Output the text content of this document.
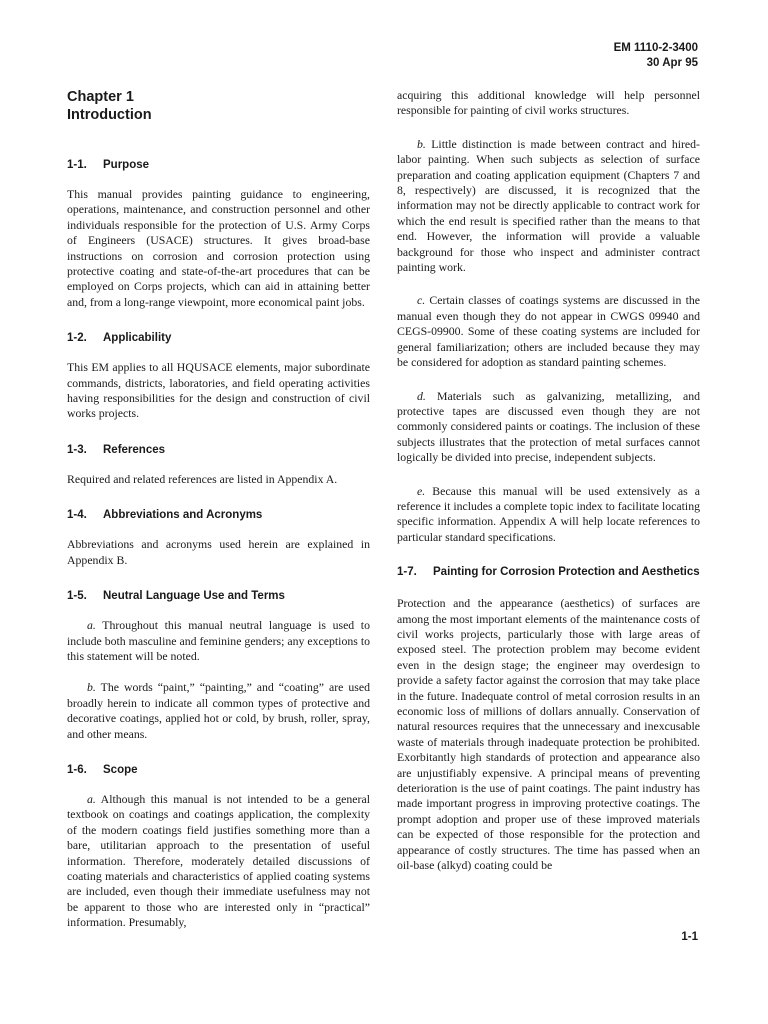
EM 1110-2-3400
30 Apr 95
Chapter 1
Introduction
1-1.	Purpose

This manual provides painting guidance to engineering, operations, maintenance, and construction personnel and other individuals responsible for the protection of U.S. Army Corps of Engineers (USACE) structures. It gives broad-base instructions on corrosion and corrosion protection using protective coating and state-of-the-art procedures that can be employed on Corps projects, which can aid in attaining better and, from a long-range viewpoint, more economical paint jobs.

1-2.	Applicability

This EM applies to all HQUSACE elements, major subordinate commands, districts, laboratories, and field operating activities having responsibilities for the design and construction of civil works projects.

1-3.	References

Required and related references are listed in Appendix A.

1-4.	Abbreviations and Acronyms

Abbreviations and acronyms used herein are explained in Appendix B.

1-5.	Neutral Language Use and Terms

a. Throughout this manual neutral language is used to include both masculine and feminine genders; any exceptions to this statement will be noted.

b. The words “paint,” “painting,” and “coating” are used broadly herein to indicate all common types of protective and decorative coatings, applied hot or cold, by brush, roller, spray, and other means.

1-6.	Scope

a. Although this manual is not intended to be a general textbook on coatings and coatings application, the complexity of the modern coatings field justifies something more than a bare, utilitarian approach to the presentation of useful information. Therefore, moderately detailed discussions of coating materials and characteristics of applied coating systems are included, even though their immediate usefulness may not be apparent to those who are interested only in “practical” information. Presumably,

acquiring this additional knowledge will help personnel responsible for painting of civil works structures.

b. Little distinction is made between contract and hired-labor painting. When such subjects as selection of surface preparation and coating application equipment (Chapters 7 and 8, respectively) are discussed, it is recognized that the information may not be directly applicable to contract work for which the end result is specified rather than the means to that end. However, the information will provide a valuable background for those who inspect and administer contract painting work.

c. Certain classes of coatings systems are discussed in the manual even though they do not appear in CWGS 09940 and CEGS-09900. Some of these coating systems are included for general familiarization; others are included because they may be considered for adoption as standard painting schemes.

d. Materials such as galvanizing, metallizing, and protective tapes are discussed even though they are not commonly considered paints or coatings. The inclusion of these subjects illustrates that the protection of metal surfaces cannot logically be divided into precise, independent subjects.

e. Because this manual will be used extensively as a reference it includes a complete topic index to facilitate locating specific information. Appendix A will help locate references to particular standard specifications.

1-7.	Painting for Corrosion Protection and Aesthetics

Protection and the appearance (aesthetics) of surfaces are among the most important elements of the maintenance costs of civil works projects, particularly those with large areas of exposed steel. The protection problem may become evident even in the design stage; the engineer may overdesign to provide a safety factor against the corrosion that may take place in the future. Inadequate control of metal corrosion results in an economic loss of millions of dollars annually. Conservation of natural resources requires that the unnecessary and inexcusable waste of materials through inadequate protection be prohibited. Exorbitantly high standards of protection and appearance also are unjustifiably expensive. A principal means of preventing deterioration is the use of paint coatings. The paint industry has made important progress in improving protective coatings. The prompt adoption and proper use of these improved materials can be expected of those responsible for the protection and appearance of costly structures. The time has passed when an oil-base (alkyd) coating could be

1-1
